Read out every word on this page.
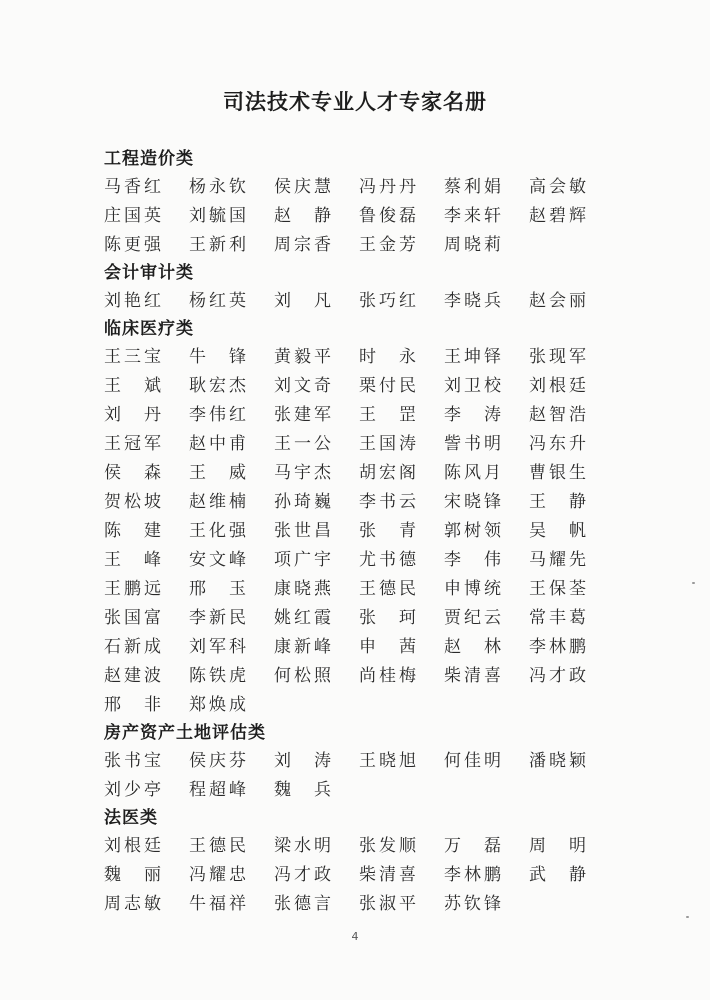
司法技术专业人才专家名册
工程造价类
马香红 杨永钦 侯庆慧 冯丹丹 蔡利娟 高会敏
庄国英 刘毓国 赵 静 鲁俊磊 李来轩 赵碧辉
陈更强 王新利 周宗香 王金芳 周晓莉
会计审计类
刘艳红 杨红英 刘 凡 张巧红 李晓兵 赵会丽
临床医疗类
王三宝 牛 锋 黄毅平 时 永 王坤铎 张现军
王 斌 耿宏杰 刘文奇 栗付民 刘卫校 刘根廷
刘 丹 李伟红 张建军 王 罡 李 涛 赵智浩
王冠军 赵中甫 王一公 王国涛 訾书明 冯东升
侯 森 王 威 马宇杰 胡宏阁 陈风月 曹银生
贺松坡 赵维楠 孙琦巍 李书云 宋晓锋 王 静
陈 建 王化强 张世昌 张 青 郭树领 吴 帆
王 峰 安文峰 项广宇 尤书德 李 伟 马耀先
王鹏远 邢 玉 康晓燕 王德民 申博统 王保荃
张国富 李新民 姚红霞 张 珂 贾纪云 常丰葛
石新成 刘军科 康新峰 申 茜 赵 林 李林鹏
赵建波 陈铁虎 何松照 尚桂梅 柴清喜 冯才政
邢 非 郑焕成
房产资产土地评估类
张书宝 侯庆芬 刘 涛 王晓旭 何佳明 潘晓颖
刘少亭 程超峰 魏 兵
法医类
刘根廷 王德民 梁水明 张发顺 万 磊 周 明
魏 丽 冯耀忠 冯才政 柴清喜 李林鹏 武 静
周志敏 牛福祥 张德言 张淑平 苏钦锋
4
